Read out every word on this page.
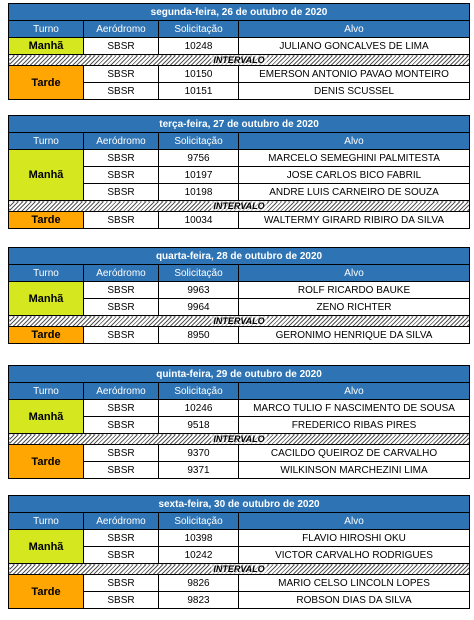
segunda-feira, 26 de outubro de 2020			
Turno	Aeródromo	Solicitação	Alvo
Manhã	SBSR	10248	JULIANO GONCALVES DE LIMA
INTERVALO			
Tarde	SBSR	10150	EMERSON ANTONIO PAVAO MONTEIRO
	SBSR	10151	DENIS SCUSSEL
terça-feira, 27 de outubro de 2020			
Turno	Aeródromo	Solicitação	Alvo
Manhã	SBSR	9756	MARCELO SEMEGHINI PALMITESTA
	SBSR	10197	JOSE CARLOS BICO FABRIL
	SBSR	10198	ANDRE LUIS CARNEIRO DE SOUZA
INTERVALO			
Tarde	SBSR	10034	WALTERMY GIRARD RIBIRO DA SILVA
quarta-feira, 28 de outubro de 2020			
Turno	Aeródromo	Solicitação	Alvo
Manhã	SBSR	9963	ROLF RICARDO BAUKE
	SBSR	9964	ZENO RICHTER
INTERVALO			
Tarde	SBSR	8950	GERONIMO HENRIQUE DA SILVA
quinta-feira, 29 de outubro de 2020			
Turno	Aeródromo	Solicitação	Alvo
Manhã	SBSR	10246	MARCO TULIO F NASCIMENTO DE SOUSA
	SBSR	9518	FREDERICO RIBAS PIRES
INTERVALO			
Tarde	SBSR	9370	CACILDO QUEIROZ DE CARVALHO
	SBSR	9371	WILKINSON MARCHEZINI LIMA
sexta-feira, 30 de outubro de 2020			
Turno	Aeródromo	Solicitação	Alvo
Manhã	SBSR	10398	FLAVIO HIROSHI OKU
	SBSR	10242	VICTOR CARVALHO RODRIGUES
INTERVALO			
Tarde	SBSR	9826	MARIO CELSO LINCOLN LOPES
	SBSR	9823	ROBSON DIAS DA SILVA
